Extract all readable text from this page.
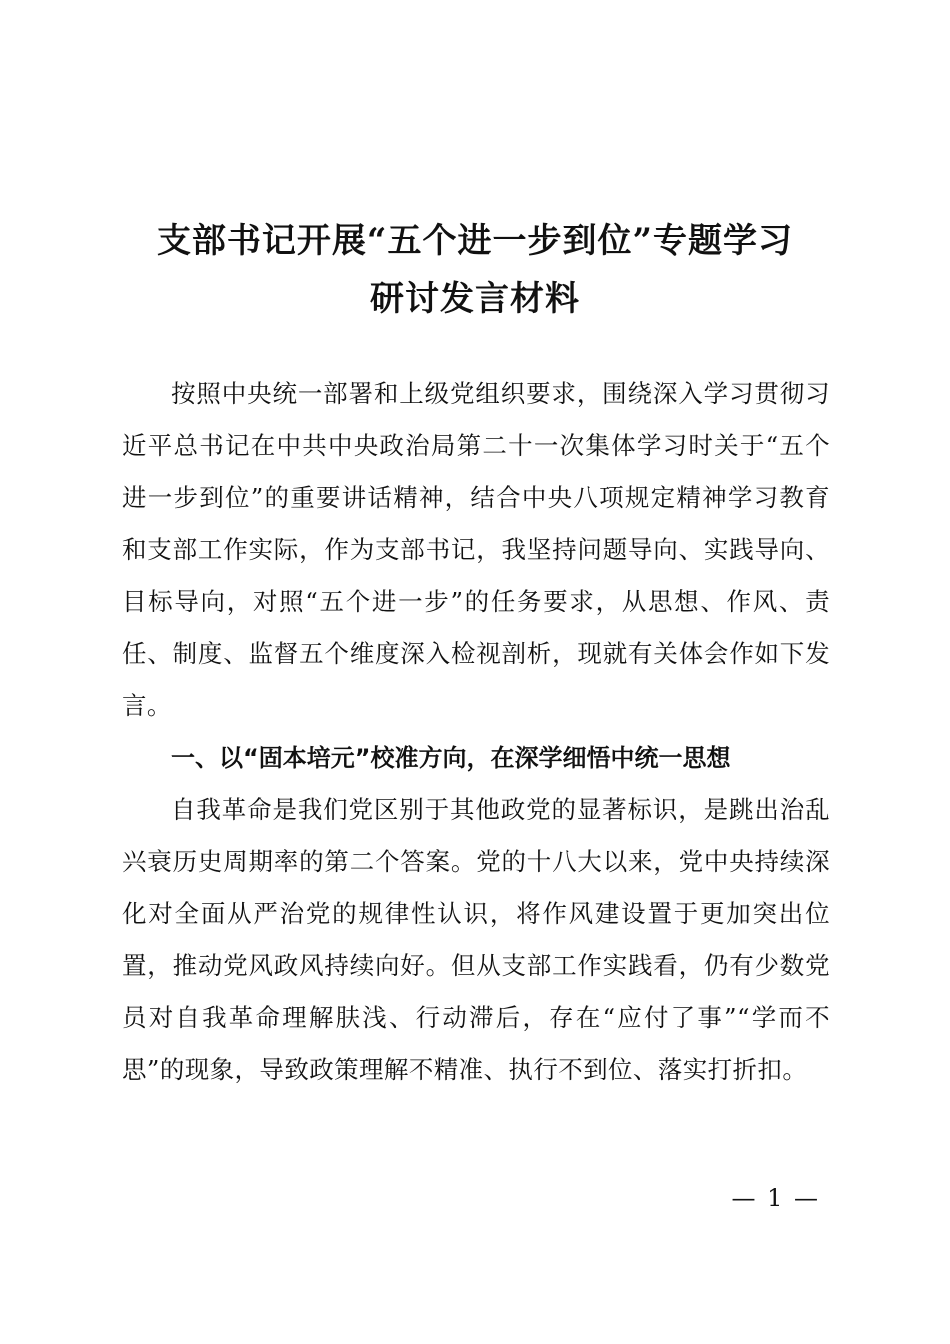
支部书记开展“五个进一步到位”专题学习
研讨发言材料

按照中央统一部署和上级党组织要求，围绕深入学习贯彻习近平总书记在中共中央政治局第二十一次集体学习时关于“五个进一步到位”的重要讲话精神，结合中央八项规定精神学习教育和支部工作实际，作为支部书记，我坚持问题导向、实践导向、目标导向，对照“五个进一步”的任务要求，从思想、作风、责任、制度、监督五个维度深入检视剖析，现就有关体会作如下发言。

一、以“固本培元”校准方向，在深学细悟中统一思想

自我革命是我们党区别于其他政党的显著标识，是跳出治乱兴衰历史周期率的第二个答案。党的十八大以来，党中央持续深化对全面从严治党的规律性认识，将作风建设置于更加突出位置，推动党风政风持续向好。但从支部工作实践看，仍有少数党员对自我革命理解肤浅、行动滞后，存在“应付了事”“学而不思”的现象，导致政策理解不精准、执行不到位、落实打折扣。

— 1 —
